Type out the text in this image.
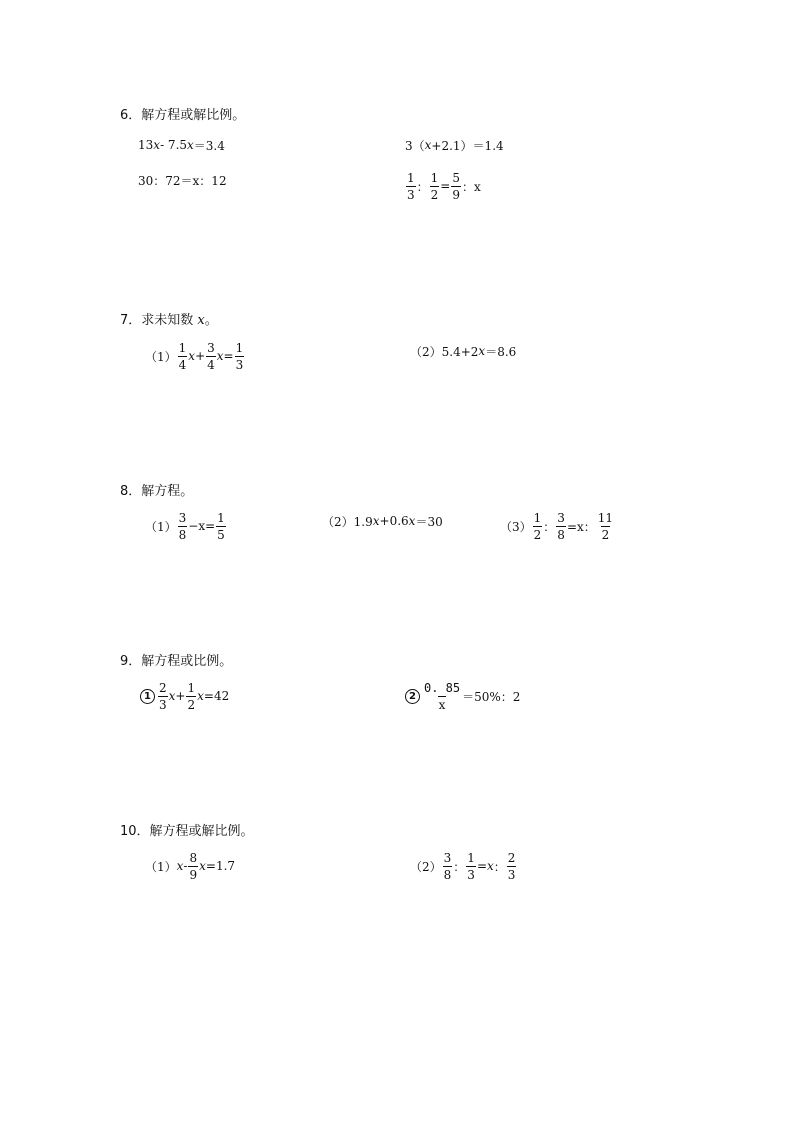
6．解方程或解比例。
13 x - 7.5 x ＝3.4	3（ x +2.1）＝1.4
30：72＝x：12	$\frac{1}{3}$ ： $\frac{1}{2} = \frac{5}{9}$ ：x
7．求未知数 x。
$(1) \frac{1}{4}$ $x + \frac{3}{4}$ $x = \frac{1}{3}$	（2）5.4+2 x ＝8.6
8．解方程。
$(1) \frac{3}{8} -x= \frac{1}{5}$	（2）1.9 x +0.6 x ＝30	$(3) \frac{1}{2}$ ： $\frac{3}{8} =x$： $\frac{11}{2}$
9．解方程或比例。
$1 \frac{2}{3}$ $x + \frac{1}{2}$ x =42	$2 \frac{0. 85}{x} =50\%$：2
10．解方程或解比例。
（1） x - $\frac{8}{9}$ x =1.7	$(2) \frac{3}{8}$ ： $\frac{1}{3} = x$ ： $\frac{2}{3}$
